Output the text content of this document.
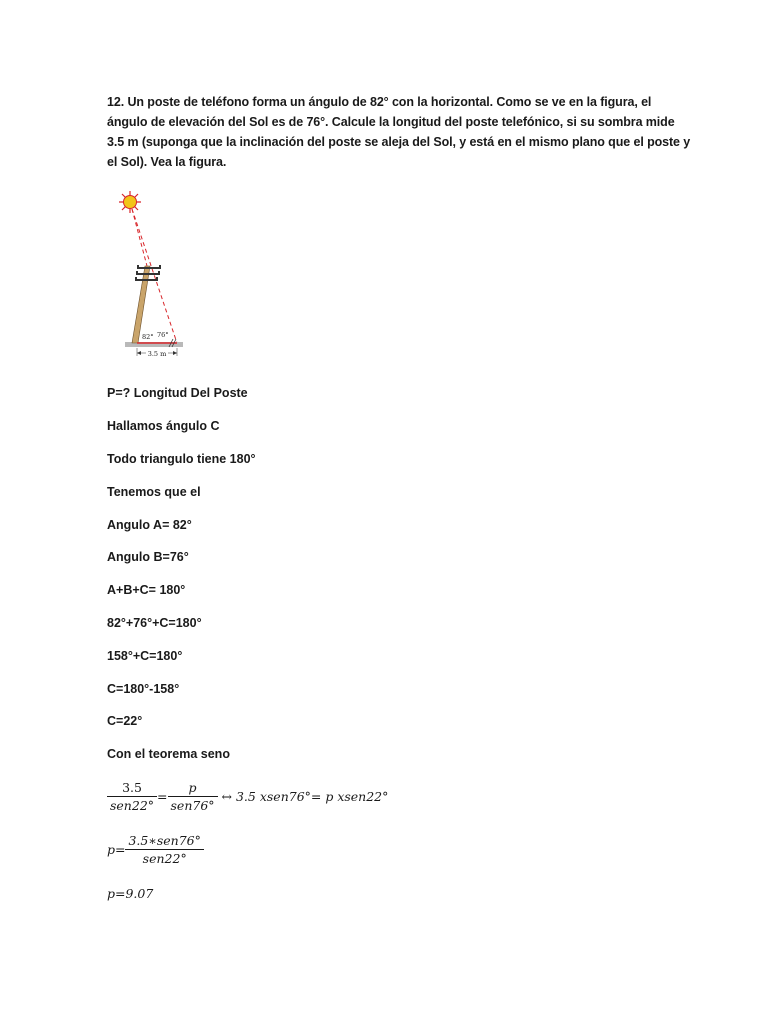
12. Un poste de teléfono forma un ángulo de 82° con la horizontal. Como se ve en la figura, el
ángulo de elevación del Sol es de 76°. Calcule la longitud del poste telefónico, si su sombra mide
3.5 m (suponga que la inclinación del poste se aleja del Sol, y está en el mismo plano que el poste y
el Sol). Vea la figura.
82° 76°
3.5 m
P=? Longitud Del Poste
Hallamos ángulo C
Todo triangulo tiene 180°
Tenemos que el
Angulo A= 82°
Angulo B=76°
A+B+C= 180°
82°+76°+C=180°
158°+C=180°
C=180°-158°
C=22°
Con el teorema seno
$\frac{3.5}{\text{sen22°}} = \frac{p}{\text{sen76°}}$ ↔ 3.5 xsen76°= p xsen22°
$p= \frac{\text{3.5∗sen76°}}{\text{sen22°}}$
p=9.07
